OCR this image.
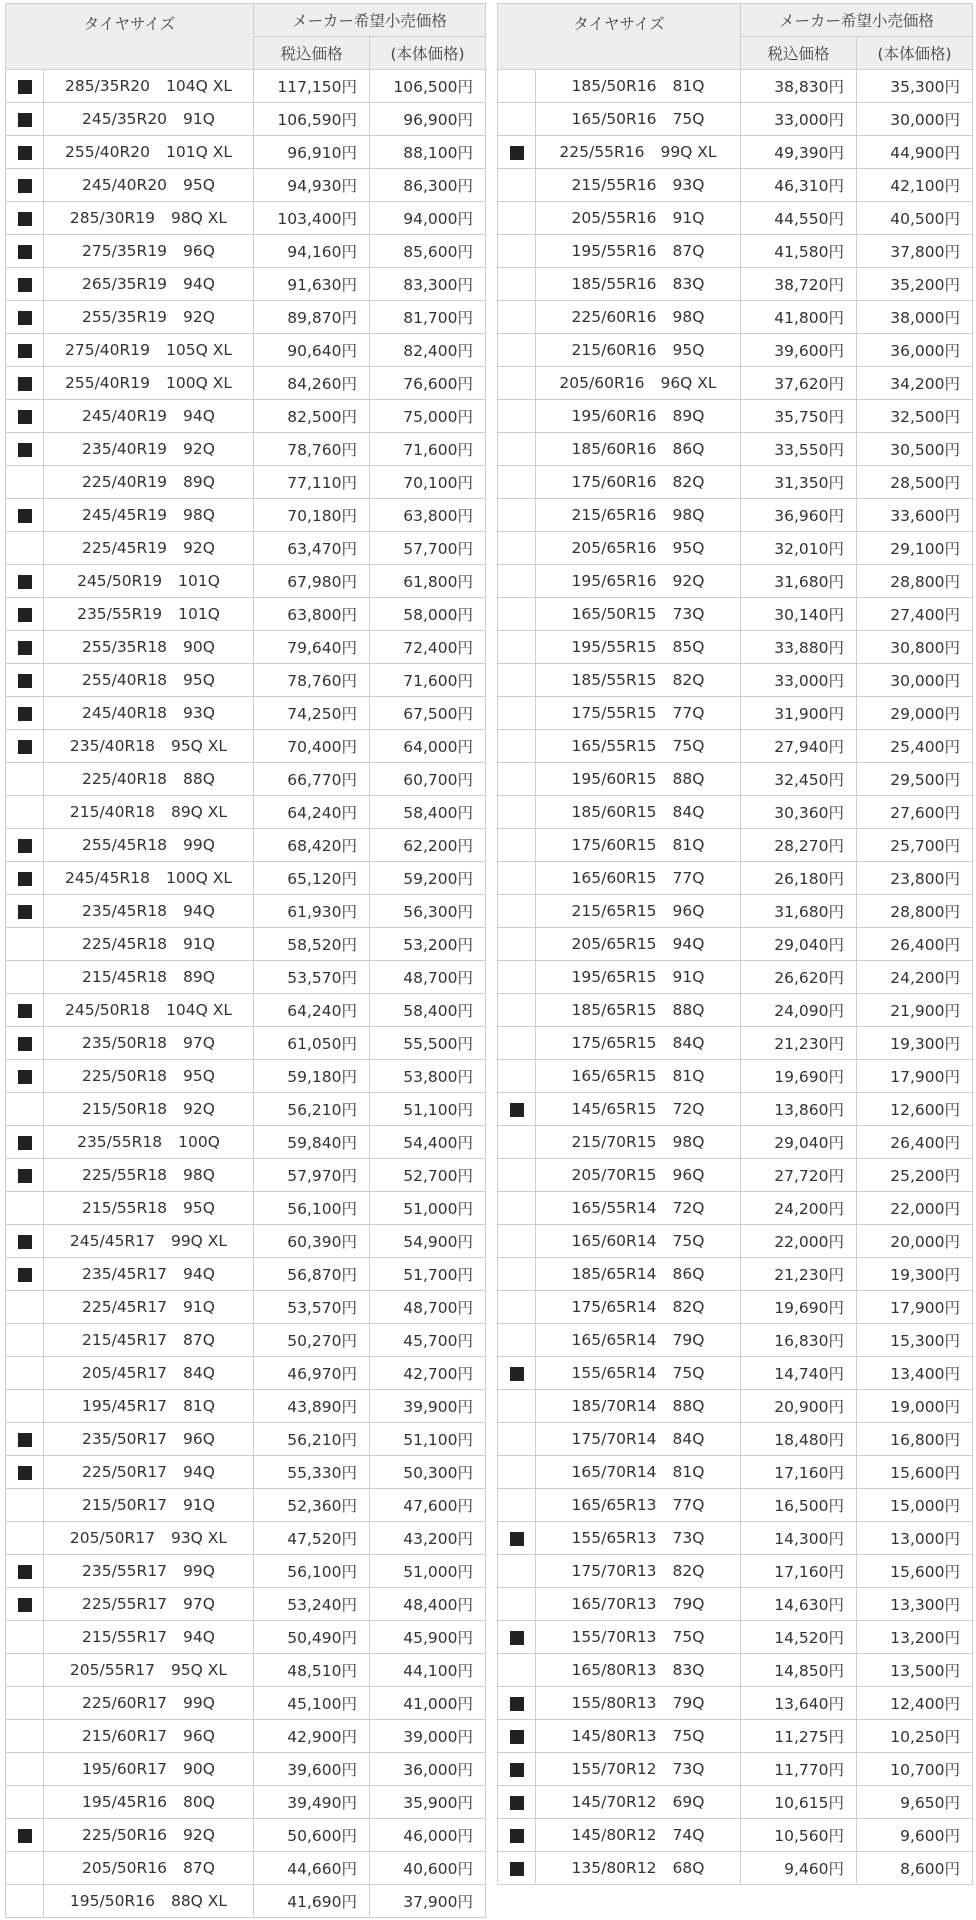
タイヤサイズ		メーカー希望小売価格	
		税込価格	(本体価格)
	285/35R20 104Q XL	117,150円	106,500円
	245/35R20 91Q	106,590円	96,900円
	255/40R20 101Q XL	96,910円	88,100円
	245/40R20 95Q	94,930円	86,300円
	285/30R19 98Q XL	103,400円	94,000円
	275/35R19 96Q	94,160円	85,600円
	265/35R19 94Q	91,630円	83,300円
	255/35R19 92Q	89,870円	81,700円
	275/40R19 105Q XL	90,640円	82,400円
	255/40R19 100Q XL	84,260円	76,600円
	245/40R19 94Q	82,500円	75,000円
	235/40R19 92Q	78,760円	71,600円
	225/40R19 89Q	77,110円	70,100円
	245/45R19 98Q	70,180円	63,800円
	225/45R19 92Q	63,470円	57,700円
	245/50R19 101Q	67,980円	61,800円
	235/55R19 101Q	63,800円	58,000円
	255/35R18 90Q	79,640円	72,400円
	255/40R18 95Q	78,760円	71,600円
	245/40R18 93Q	74,250円	67,500円
	235/40R18 95Q XL	70,400円	64,000円
	225/40R18 88Q	66,770円	60,700円
	215/40R18 89Q XL	64,240円	58,400円
	255/45R18 99Q	68,420円	62,200円
	245/45R18 100Q XL	65,120円	59,200円
	235/45R18 94Q	61,930円	56,300円
	225/45R18 91Q	58,520円	53,200円
	215/45R18 89Q	53,570円	48,700円
	245/50R18 104Q XL	64,240円	58,400円
	235/50R18 97Q	61,050円	55,500円
	225/50R18 95Q	59,180円	53,800円
	215/50R18 92Q	56,210円	51,100円
	235/55R18 100Q	59,840円	54,400円
	225/55R18 98Q	57,970円	52,700円
	215/55R18 95Q	56,100円	51,000円
	245/45R17 99Q XL	60,390円	54,900円
	235/45R17 94Q	56,870円	51,700円
	225/45R17 91Q	53,570円	48,700円
	215/45R17 87Q	50,270円	45,700円
	205/45R17 84Q	46,970円	42,700円
	195/45R17 81Q	43,890円	39,900円
	235/50R17 96Q	56,210円	51,100円
	225/50R17 94Q	55,330円	50,300円
	215/50R17 91Q	52,360円	47,600円
	205/50R17 93Q XL	47,520円	43,200円
	235/55R17 99Q	56,100円	51,000円
	225/55R17 97Q	53,240円	48,400円
	215/55R17 94Q	50,490円	45,900円
	205/55R17 95Q XL	48,510円	44,100円
	225/60R17 99Q	45,100円	41,000円
	215/60R17 96Q	42,900円	39,000円
	195/60R17 90Q	39,600円	36,000円
	195/45R16 80Q	39,490円	35,900円
	225/50R16 92Q	50,600円	46,000円
	205/50R16 87Q	44,660円	40,600円
	195/50R16 88Q XL	41,690円	37,900円
タイヤサイズ		メーカー希望小売価格	
		税込価格	(本体価格)
	185/50R16 81Q	38,830円	35,300円
	165/50R16 75Q	33,000円	30,000円
	225/55R16 99Q XL	49,390円	44,900円
	215/55R16 93Q	46,310円	42,100円
	205/55R16 91Q	44,550円	40,500円
	195/55R16 87Q	41,580円	37,800円
	185/55R16 83Q	38,720円	35,200円
	225/60R16 98Q	41,800円	38,000円
	215/60R16 95Q	39,600円	36,000円
	205/60R16 96Q XL	37,620円	34,200円
	195/60R16 89Q	35,750円	32,500円
	185/60R16 86Q	33,550円	30,500円
	175/60R16 82Q	31,350円	28,500円
	215/65R16 98Q	36,960円	33,600円
	205/65R16 95Q	32,010円	29,100円
	195/65R16 92Q	31,680円	28,800円
	165/50R15 73Q	30,140円	27,400円
	195/55R15 85Q	33,880円	30,800円
	185/55R15 82Q	33,000円	30,000円
	175/55R15 77Q	31,900円	29,000円
	165/55R15 75Q	27,940円	25,400円
	195/60R15 88Q	32,450円	29,500円
	185/60R15 84Q	30,360円	27,600円
	175/60R15 81Q	28,270円	25,700円
	165/60R15 77Q	26,180円	23,800円
	215/65R15 96Q	31,680円	28,800円
	205/65R15 94Q	29,040円	26,400円
	195/65R15 91Q	26,620円	24,200円
	185/65R15 88Q	24,090円	21,900円
	175/65R15 84Q	21,230円	19,300円
	165/65R15 81Q	19,690円	17,900円
	145/65R15 72Q	13,860円	12,600円
	215/70R15 98Q	29,040円	26,400円
	205/70R15 96Q	27,720円	25,200円
	165/55R14 72Q	24,200円	22,000円
	165/60R14 75Q	22,000円	20,000円
	185/65R14 86Q	21,230円	19,300円
	175/65R14 82Q	19,690円	17,900円
	165/65R14 79Q	16,830円	15,300円
	155/65R14 75Q	14,740円	13,400円
	185/70R14 88Q	20,900円	19,000円
	175/70R14 84Q	18,480円	16,800円
	165/70R14 81Q	17,160円	15,600円
	165/65R13 77Q	16,500円	15,000円
	155/65R13 73Q	14,300円	13,000円
	175/70R13 82Q	17,160円	15,600円
	165/70R13 79Q	14,630円	13,300円
	155/70R13 75Q	14,520円	13,200円
	165/80R13 83Q	14,850円	13,500円
	155/80R13 79Q	13,640円	12,400円
	145/80R13 75Q	11,275円	10,250円
	155/70R12 73Q	11,770円	10,700円
	145/70R12 69Q	10,615円	9,650円
	145/80R12 74Q	10,560円	9,600円
	135/80R12 68Q	9,460円	8,600円
